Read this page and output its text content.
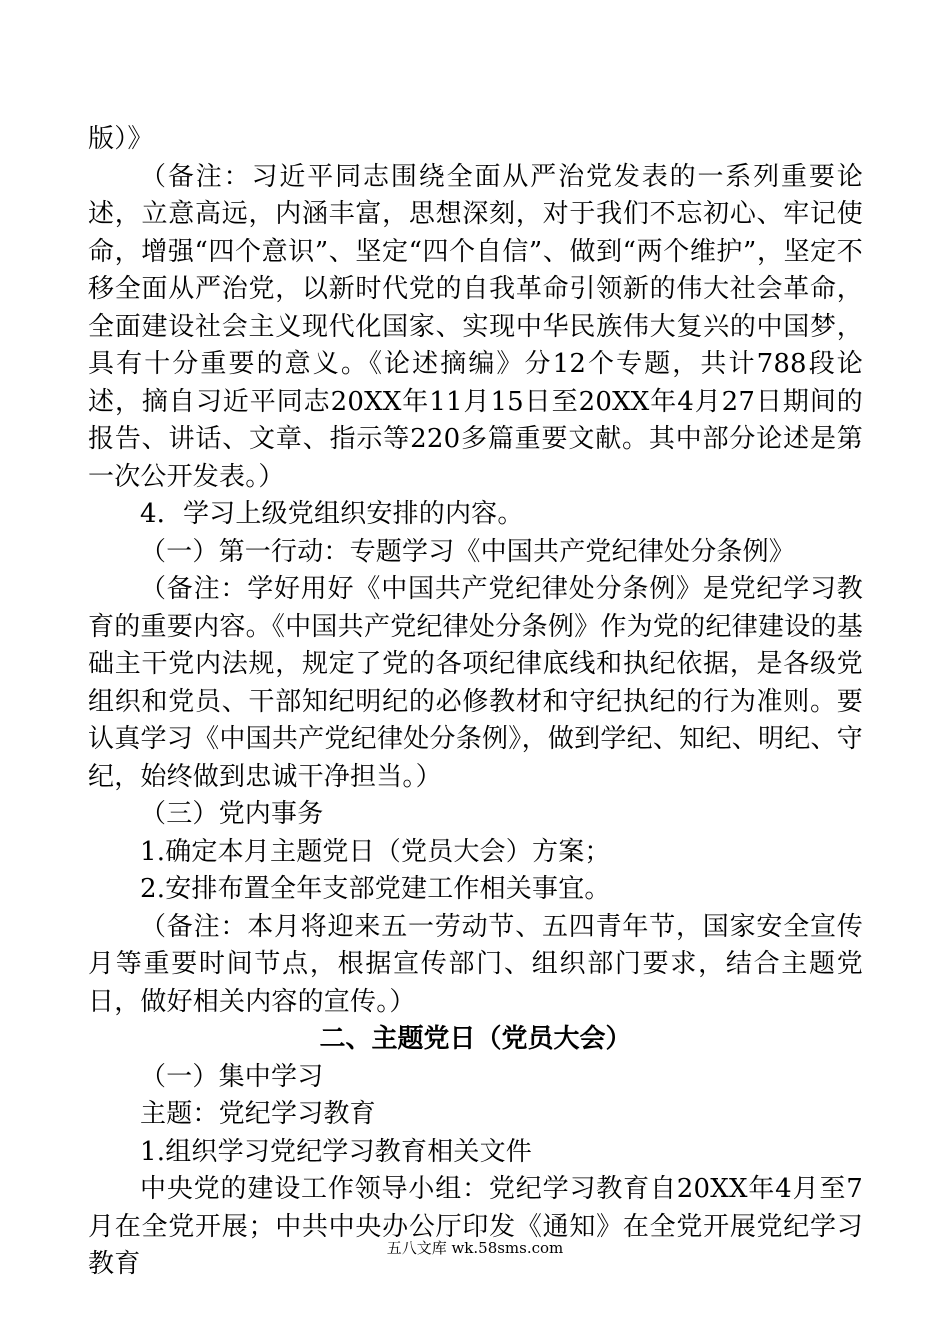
版）》

（备注：习近平同志围绕全面从严治党发表的一系列重要论述，立意高远，内涵丰富，思想深刻，对于我们不忘初心、牢记使命，增强“四个意识”、坚定“四个自信”、做到“两个维护”，坚定不移全面从严治党，以新时代党的自我革命引领新的伟大社会革命，全面建设社会主义现代化国家、实现中华民族伟大复兴的中国梦，具有十分重要的意义。《论述摘编》分12个专题，共计788段论述，摘自习近平同志20XX年11月15日至20XX年4月27日期间的报告、讲话、文章、指示等220多篇重要文献。其中部分论述是第一次公开发表。）

4．学习上级党组织安排的内容。

（一）第一行动：专题学习《中国共产党纪律处分条例》

（备注：学好用好《中国共产党纪律处分条例》是党纪学习教育的重要内容。《中国共产党纪律处分条例》作为党的纪律建设的基础主干党内法规，规定了党的各项纪律底线和执纪依据，是各级党组织和党员、干部知纪明纪的必修教材和守纪执纪的行为准则。要认真学习《中国共产党纪律处分条例》，做到学纪、知纪、明纪、守纪，始终做到忠诚干净担当。）

（三）党内事务

1.确定本月主题党日（党员大会）方案；

2.安排布置全年支部党建工作相关事宜。

（备注：本月将迎来五一劳动节、五四青年节，国家安全宣传月等重要时间节点，根据宣传部门、组织部门要求，结合主题党日，做好相关内容的宣传。）

二、主题党日（党员大会）

（一）集中学习

主题：党纪学习教育

1.组织学习党纪学习教育相关文件

中央党的建设工作领导小组：党纪学习教育自20XX年4月至7月在全党开展；中共中央办公厅印发《通知》在全党开展党纪学习教育

五八文库 wk.58sms.com
